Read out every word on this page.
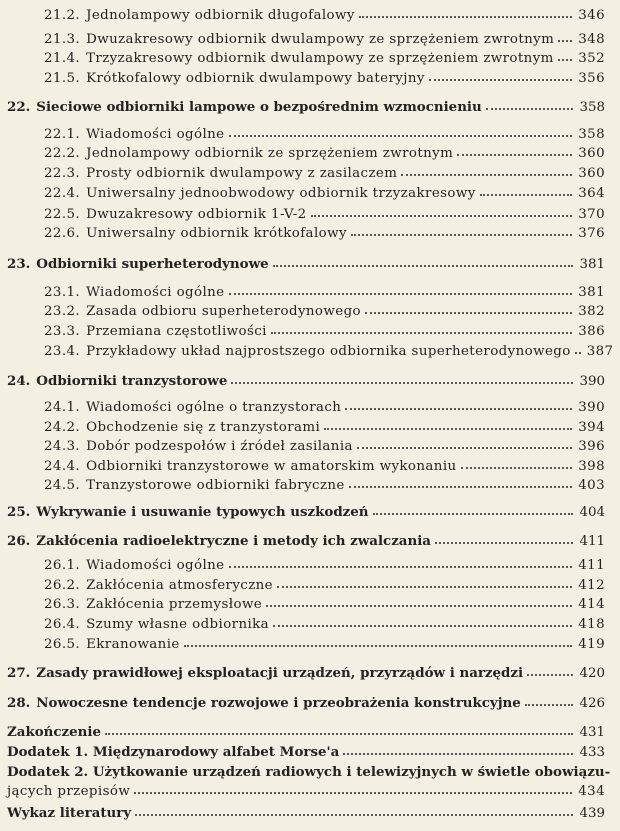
21.2. Jednolampowy odbiornik długofalowy	346
21.3. Dwuzakresowy odbiornik dwulampowy ze sprzężeniem zwrotnym	348
21.4. Trzyzakresowy odbiornik dwulampowy ze sprzężeniem zwrotnym	352
21.5. Krótkofalowy odbiornik dwulampowy bateryjny	356
22. Sieciowe odbiorniki lampowe o bezpośrednim wzmocnieniu	358
22.1. Wiadomości ogólne	358
22.2. Jednolampowy odbiornik ze sprzężeniem zwrotnym	360
22.3. Prosty odbiornik dwulampowy z zasilaczem	360
22.4. Uniwersalny jednoobwodowy odbiornik trzyzakresowy	364
22.5. Dwuzakresowy odbiornik 1-V-2	370
22.6. Uniwersalny odbiornik krótkofalowy	376
23. Odbiorniki superheterodynowe	381
23.1. Wiadomości ogólne	381
23.2. Zasada odbioru superheterodynowego	382
23.3. Przemiana częstotliwości	386
23.4. Przykładowy układ najprostszego odbiornika superheterodynowego	387
24. Odbiorniki tranzystorowe	390
24.1. Wiadomości ogólne o tranzystorach	390
24.2. Obchodzenie się z tranzystorami	394
24.3. Dobór podzespołów i źródeł zasilania	396
24.4. Odbiorniki tranzystorowe w amatorskim wykonaniu	398
24.5. Tranzystorowe odbiorniki fabryczne	403
25. Wykrywanie i usuwanie typowych uszkodzeń	404
26. Zakłócenia radioelektryczne i metody ich zwalczania	411
26.1. Wiadomości ogólne	411
26.2. Zakłócenia atmosferyczne	412
26.3. Zakłócenia przemysłowe	414
26.4. Szumy własne odbiornika	418
26.5. Ekranowanie	419
27. Zasady prawidłowej eksploatacji urządzeń, przyrządów i narzędzi	420
28. Nowoczesne tendencje rozwojowe i przeobrażenia konstrukcyjne	426
Zakończenie	431
Dodatek 1. Międzynarodowy alfabet Morse'a	433
Dodatek 2. Użytkowanie urządzeń radiowych i telewizyjnych w świetle obowiązu-
jących przepisów	434
Wykaz literatury	439
